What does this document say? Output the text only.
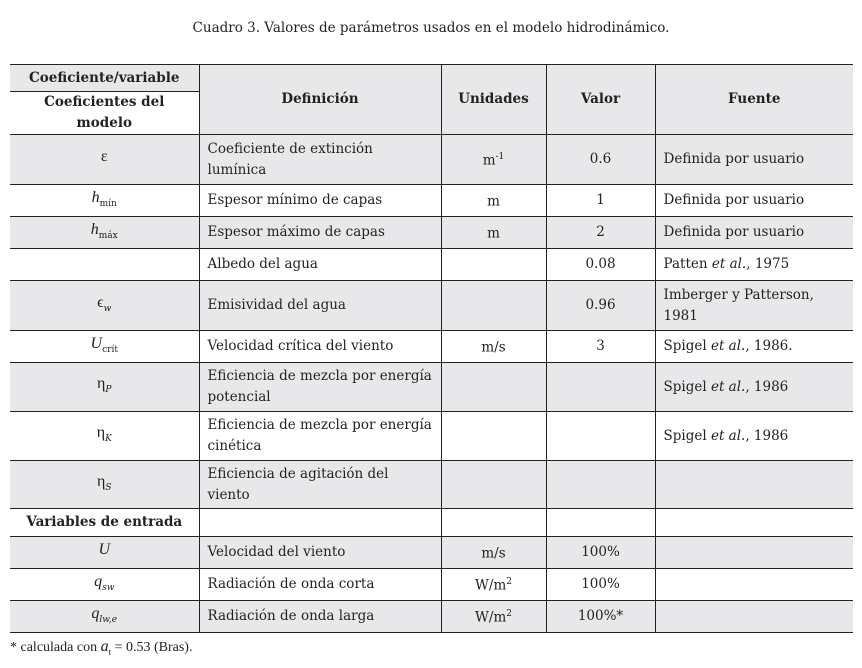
Cuadro 3. Valores de parámetros usados en el modelo hidrodinámico.
Coeficiente/variable	Definición	Unidades	Valor	Fuente
Coeficientes del modelo				
ε	Coeficiente de extinción lumínica	$m^{-1}$	0.6	Definida por usuario
$h_{mín}$	Espesor mínimo de capas	m	1	Definida por usuario
$h_{máx}$	Espesor máximo de capas	m	2	Definida por usuario
	Albedo del agua		0.08	Patten et al., 1975
$\epsilon_w$	Emisividad del agua		0.96	Imberger y Patterson, 1981
$U_{crít}$	Velocidad crítica del viento	m/s	3	Spigel et al., 1986.
$\eta_P$	Eficiencia de mezcla por energía potencial			Spigel et al., 1986
$\eta_K$	Eficiencia de mezcla por energía cinética			Spigel et al., 1986
$\eta_S$	Eficiencia de agitación del viento			
Variables de entrada				
U	Velocidad del viento	m/s	100%	
$q_{sw}$	Radiación de onda corta	$W/m^2$	100%	
$q_{lw,e}$	Radiación de onda larga	$W/m^2$	100%*	
* calculada con $a_t = 0.53$ (Bras).
